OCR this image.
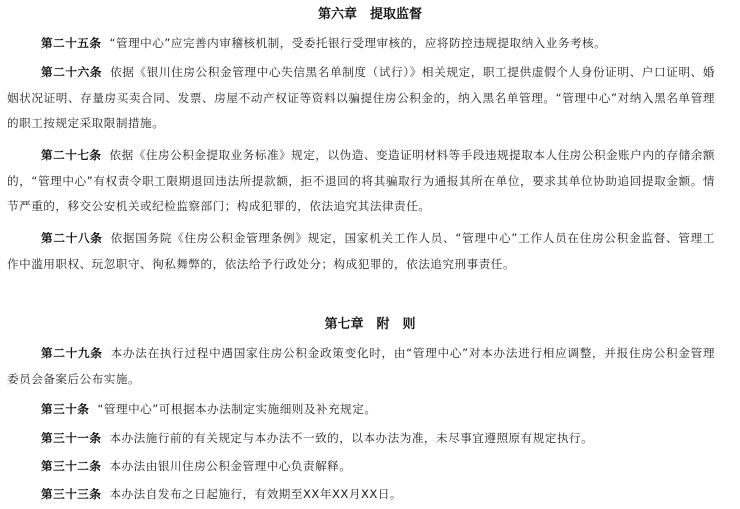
第六章　提取监督
第二十五条 “管理中心”应完善内审稽核机制，受委托银行受理审核的，应将防控违规提取纳入业务考核。
第二十六条 依据《银川住房公积金管理中心失信黑名单制度（试行）》相关规定，职工提供虚假个人身份证明、户口证明、婚姻状况证明、存量房买卖合同、发票、房屋不动产权证等资料以骗提住房公积金的，纳入黑名单管理。“管理中心”对纳入黑名单管理的职工按规定采取限制措施。
第二十七条 依据《住房公积金提取业务标准》规定，以伪造、变造证明材料等手段违规提取本人住房公积金账户内的存储余额的，“管理中心”有权责令职工限期退回违法所提款额，拒不退回的将其骗取行为通报其所在单位，要求其单位协助追回提取金额。情节严重的，移交公安机关或纪检监察部门；构成犯罪的，依法追究其法律责任。
第二十八条 依据国务院《住房公积金管理条例》规定，国家机关工作人员、“管理中心”工作人员在住房公积金监督、管理工作中滥用职权、玩忽职守、徇私舞弊的，依法给予行政处分；构成犯罪的，依法追究刑事责任。
第七章　附　则
第二十九条 本办法在执行过程中遇国家住房公积金政策变化时，由“管理中心”对本办法进行相应调整，并报住房公积金管理委员会备案后公布实施。
第三十条 “管理中心”可根据本办法制定实施细则及补充规定。
第三十一条 本办法施行前的有关规定与本办法不一致的，以本办法为准，未尽事宜遵照原有规定执行。
第三十二条 本办法由银川住房公积金管理中心负责解释。
第三十三条 本办法自发布之日起施行，有效期至XX年XX月XX日。
